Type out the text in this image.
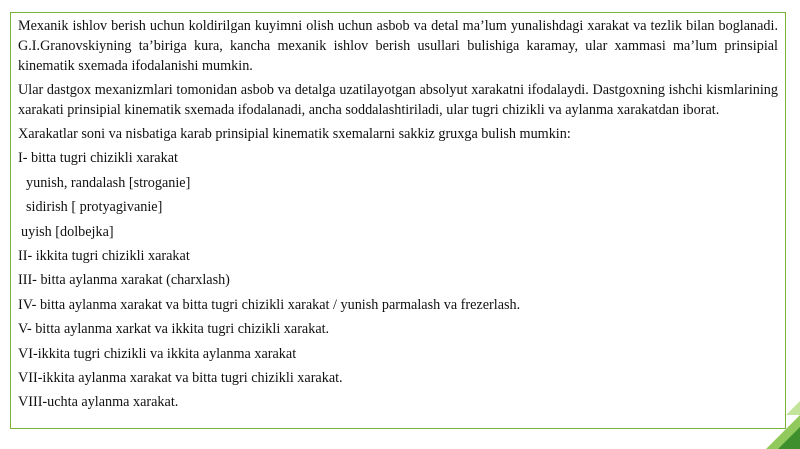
Mexanik ishlov berish uchun koldirilgan kuyimni olish uchun asbob va detal ma’lum yunalishdagi xarakat va tezlik bilan boglanadi. G.I.Granovskiyning ta’biriga kura, kancha mexanik ishlov berish usullari bulishiga karamay, ular xammasi ma’lum prinsipial kinematik sxemada ifodalanishi mumkin.

Ular dastgox mexanizmlari tomonidan asbob va detalga uzatilayotgan absolyut xarakatni ifodalaydi. Dastgoxning ishchi kismlarining xarakati prinsipial kinematik sxemada ifodalanadi, ancha soddalashtiriladi, ular tugri chizikli va aylanma xarakatdan iborat.

Xarakatlar soni va nisbatiga karab prinsipial kinematik sxemalarni sakkiz gruxga bulish mumkin:

I- bitta tugri chizikli xarakat

yunish, randalash [stroganie]

sidirish [ protyagivanie]

uyish [dolbejka]

II- ikkita tugri chizikli xarakat

III- bitta aylanma xarakat (charxlash)

IV- bitta aylanma xarakat va bitta tugri chizikli xarakat / yunish parmalash va frezerlash.

V- bitta aylanma xarkat va ikkita tugri chizikli xarakat.

VI-ikkita tugri chizikli va ikkita aylanma xarakat

VII-ikkita aylanma xarakat va bitta tugri chizikli xarakat.

VIII-uchta aylanma xarakat.
